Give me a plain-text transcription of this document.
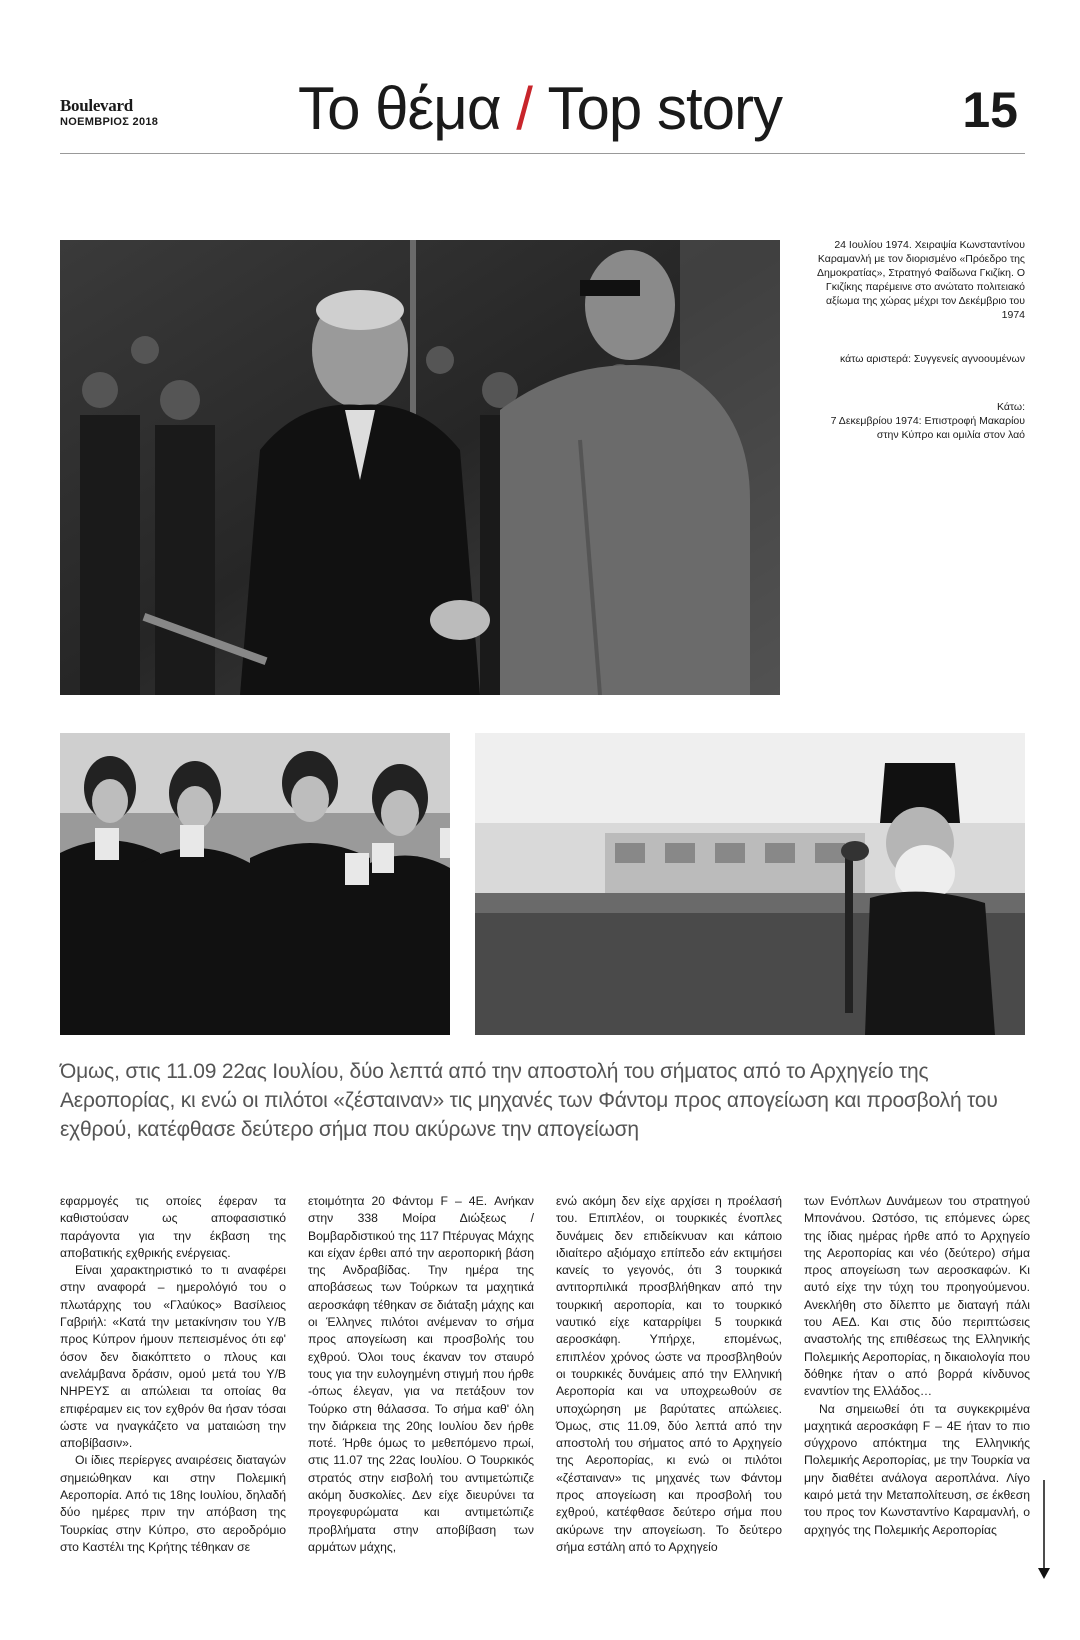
Boulevard
ΝΟΕΜΒΡΙΟΣ 2018	Το θέμα / Top story	15
24 Ιουλίου 1974. Χειραψία Κωνσταντίνου Καραμανλή με τον διορισμένο «Πρόεδρο της Δημοκρατίας», Στρατηγό Φαίδωνα Γκιζίκη. Ο Γκιζίκης παρέμεινε στο ανώτατο πολιτειακό αξίωμα της χώρας μέχρι τον Δεκέμβριο του 1974
κάτω αριστερά: Συγγενείς αγνοουμένων
Κάτω:
7 Δεκεμβρίου 1974: Επιστροφή Μακαρίου στην Κύπρο και ομιλία στον λαό
Όμως, στις 11.09 22ας Ιουλίου, δύο λεπτά από την αποστολή του σήματος από το Αρχηγείο της Αεροπορίας, κι ενώ οι πιλότοι «ζέσταιναν» τις μηχανές των Φάντομ προς απογείωση και προσβολή του εχθρού, κατέφθασε δεύτερο σήμα που ακύρωνε την απογείωση

εφαρμογές τις οποίες έφεραν τα καθιστούσαν ως αποφασιστικό παράγοντα για την έκβαση της αποβατικής εχθρικής ενέργειας.

Είναι χαρακτηριστικό το τι αναφέρει στην αναφορά – ημερολόγιό του ο πλωτάρχης του «Γλαύκος» Βασίλειος Γαβριήλ: «Κατά την μετακίνησιν του Υ/Β προς Κύπρον ήμουν πεπεισμένος ότι εφ' όσον δεν διακόπτετο ο πλους και ανελάμβανα δράσιν, ομού μετά του Υ/Β ΝΗΡΕΥΣ αι απώλειαι τα οποίας θα επιφέραμεν εις τον εχθρόν θα ήσαν τόσαι ώστε να ηναγκάζετο να ματαιώση την αποβίβασιν».

Οι ίδιες περίεργες αναιρέσεις διαταγών σημειώθηκαν και στην Πολεμική Αεροπορία. Από τις 18ης Ιουλίου, δηλαδή δύο ημέρες πριν την απόβαση της Τουρκίας στην Κύπρο, στο αεροδρόμιο στο Καστέλι της Κρήτης τέθηκαν σε

ετοιμότητα 20 Φάντομ F – 4E. Ανήκαν στην 338 Μοίρα Διώξεως / Βομβαρδιστικού της 117 Πτέρυγας Μάχης και είχαν έρθει από την αεροπορική βάση της Ανδραβίδας. Την ημέρα της αποβάσεως των Τούρκων τα μαχητικά αεροσκάφη τέθηκαν σε διάταξη μάχης και οι Έλληνες πιλότοι ανέμεναν το σήμα προς απογείωση και προσβολής του εχθρού. Όλοι τους έκαναν τον σταυρό τους για την ευλογημένη στιγμή που ήρθε -όπως έλεγαν, για να πετάξουν τον Τούρκο στη θάλασσα. Το σήμα καθ' όλη την διάρκεια της 20ης Ιουλίου δεν ήρθε ποτέ. Ήρθε όμως το μεθεπόμενο πρωί, στις 11.07 της 22ας Ιουλίου. Ο Τουρκικός στρατός στην εισβολή του αντιμετώπιζε ακόμη δυσκολίες. Δεν είχε διευρύνει τα προγεφυρώματα και αντιμετώπιζε προβλήματα στην αποβίβαση των αρμάτων μάχης,

ενώ ακόμη δεν είχε αρχίσει η προέλασή του. Επιπλέον, οι τουρκικές ένοπλες δυνάμεις δεν επιδείκνυαν και κάποιο ιδιαίτερο αξιόμαχο επίπεδο εάν εκτιμήσει κανείς το γεγονός, ότι 3 τουρκικά αντιτορπιλικά προσβλήθηκαν από την τουρκική αεροπορία, και το τουρκικό ναυτικό είχε καταρρίψει 5 τουρκικά αεροσκάφη. Υπήρχε, επομένως, επιπλέον χρόνος ώστε να προσβληθούν οι τουρκικές δυνάμεις από την Ελληνική Αεροπορία και να υποχρεωθούν σε υποχώρηση με βαρύτατες απώλειες. Όμως, στις 11.09, δύο λεπτά από την αποστολή του σήματος από το Αρχηγείο της Αεροπορίας, κι ενώ οι πιλότοι «ζέσταιναν» τις μηχανές των Φάντομ προς απογείωση και προσβολή του εχθρού, κατέφθασε δεύτερο σήμα που ακύρωνε την απογείωση. Το δεύτερο σήμα εστάλη από το Αρχηγείο

των Ενόπλων Δυνάμεων του στρατηγού Μπονάνου. Ωστόσο, τις επόμενες ώρες της ίδιας ημέρας ήρθε από το Αρχηγείο της Αεροπορίας και νέο (δεύτερο) σήμα προς απογείωση των αεροσκαφών. Κι αυτό είχε την τύχη του προηγούμενου. Ανεκλήθη στο δίλεπτο με διαταγή πάλι του ΑΕΔ. Και στις δύο περιπτώσεις αναστολής της επιθέσεως της Ελληνικής Πολεμικής Αεροπορίας, η δικαιολογία που δόθηκε ήταν ο από βορρά κίνδυνος εναντίον της Ελλάδος…

Να σημειωθεί ότι τα συγκεκριμένα μαχητικά αεροσκάφη F – 4E ήταν το πιο σύγχρονο απόκτημα της Ελληνικής Πολεμικής Αεροπορίας, με την Τουρκία να μην διαθέτει ανάλογα αεροπλάνα. Λίγο καιρό μετά την Μεταπολίτευση, σε έκθεση του προς τον Κωνσταντίνο Καραμανλή, ο αρχηγός της Πολεμικής Αεροπορίας
